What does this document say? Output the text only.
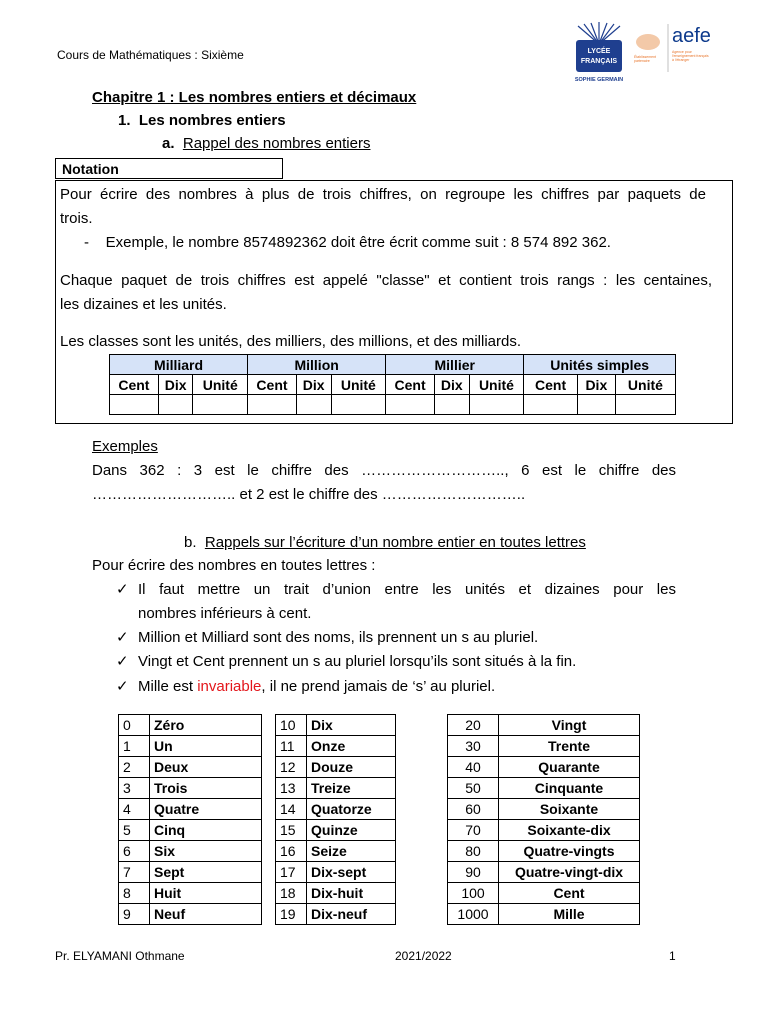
Cours de Mathématiques : Sixième	LYCÉE
FRANÇAIS
SOPHIE GERMAIN
Établissement
partenaire
aefe
Agence pour
l'enseignement français
à l'étranger
Chapitre 1 : Les nombres entiers et décimaux
1. Les nombres entiers
a. Rappel des nombres entiers
Notation
Pour écrire des nombres à plus de trois chiffres, on regroupe les chiffres par paquets de
trois.
-    Exemple, le nombre 8574892362 doit être écrit comme suit : 8 574 892 362.
Chaque paquet de trois chiffres est appelé "classe" et contient trois rangs : les centaines,
les dizaines et les unités.
Les classes sont les unités, des milliers, des millions, et des milliards.
Milliard			Million			Millier			Unités simples		
Cent	Dix	Unité	Cent	Dix	Unité	Cent	Dix	Unité	Cent	Dix	Unité

Exemples
Dans 362 : 3 est le chiffre des ……………………….., 6 est le chiffre des
……………………….. et 2 est le chiffre des ………………………..
b. Rappels sur l’écriture d’un nombre entier en toutes lettres
Pour écrire des nombres en toutes lettres :
✓ Il faut mettre un trait d’union entre les unités et dizaines pour les
nombres inférieurs à cent.
✓ Million et Milliard sont des noms, ils prennent un s au pluriel.
✓ Vingt et Cent prennent un s au pluriel lorsqu’ils sont situés à la fin.
✓ Mille est invariable, il ne prend jamais de ‘s’ au pluriel.
0	Zéro
1	Un
2	Deux
3	Trois
4	Quatre
5	Cinq
6	Six
7	Sept
8	Huit
9	Neuf
10	Dix
11	Onze
12	Douze
13	Treize
14	Quatorze
15	Quinze
16	Seize
17	Dix-sept
18	Dix-huit
19	Dix-neuf
20	Vingt
30	Trente
40	Quarante
50	Cinquante
60	Soixante
70	Soixante-dix
80	Quatre-vingts
90	Quatre-vingt-dix
100	Cent
1000	Mille
Pr. ELYAMANI Othmane	2021/2022	1
